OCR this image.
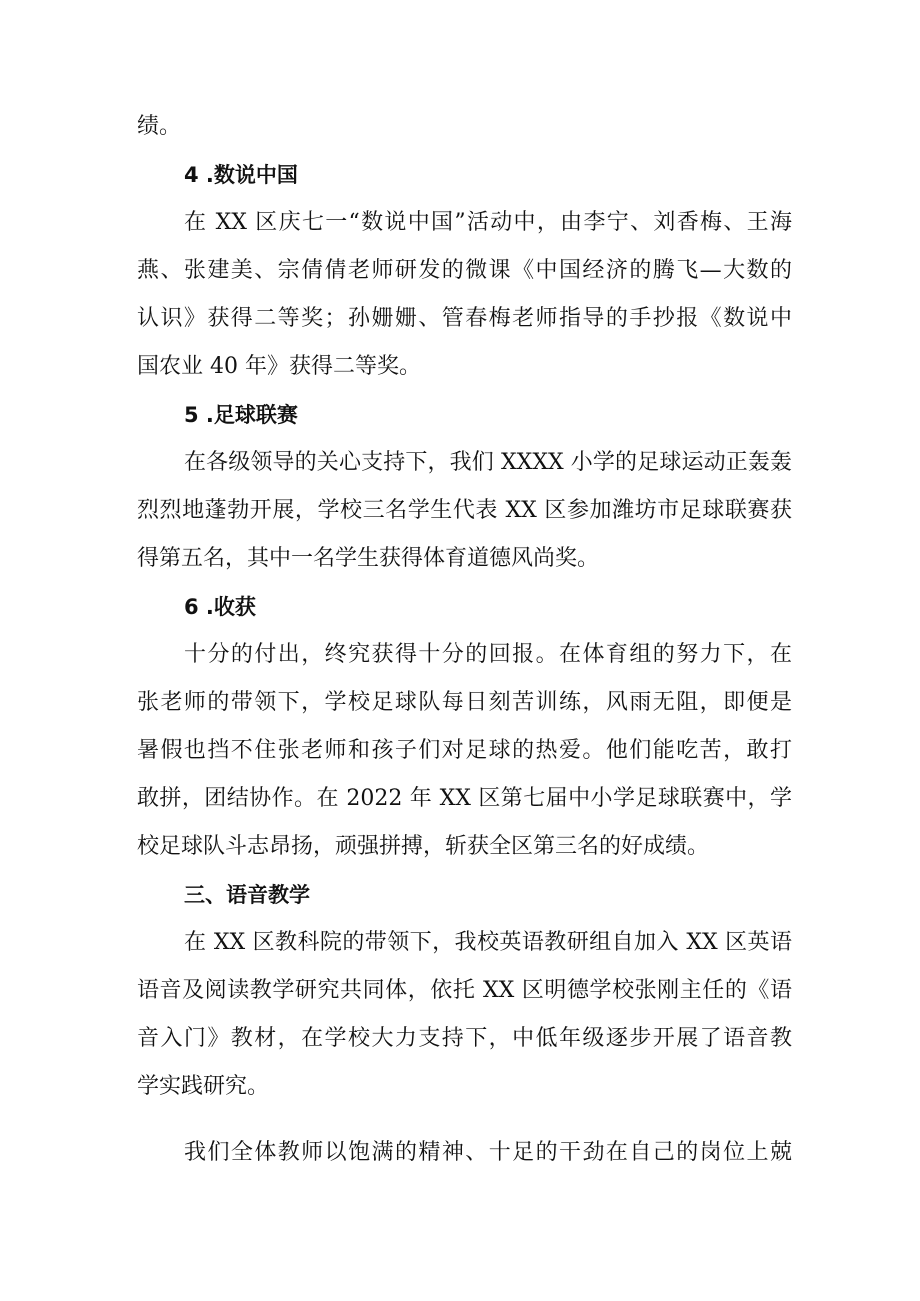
绩。
4 .数说中国
在 XX 区庆七一“数说中国”活动中，由李宁、刘香梅、王海
燕、张建美、宗倩倩老师研发的微课《中国经济的腾飞—大数的
认识》获得二等奖；孙姗姗、管春梅老师指导的手抄报《数说中
国农业 40 年》获得二等奖。
5 .足球联赛
在各级领导的关心支持下，我们 XXXX 小学的足球运动正轰轰
烈烈地蓬勃开展，学校三名学生代表 XX 区参加潍坊市足球联赛获
得第五名，其中一名学生获得体育道德风尚奖。
6 .收获
十分的付出，终究获得十分的回报。在体育组的努力下，在
张老师的带领下，学校足球队每日刻苦训练，风雨无阻，即便是
暑假也挡不住张老师和孩子们对足球的热爱。他们能吃苦，敢打
敢拼，团结协作。在 2022 年 XX 区第七届中小学足球联赛中，学
校足球队斗志昂扬，顽强拼搏，斩获全区第三名的好成绩。
三、语音教学
在 XX 区教科院的带领下，我校英语教研组自加入 XX 区英语
语音及阅读教学研究共同体，依托 XX 区明德学校张刚主任的《语
音入门》教材，在学校大力支持下，中低年级逐步开展了语音教
学实践研究。
我们全体教师以饱满的精神、十足的干劲在自己的岗位上兢
